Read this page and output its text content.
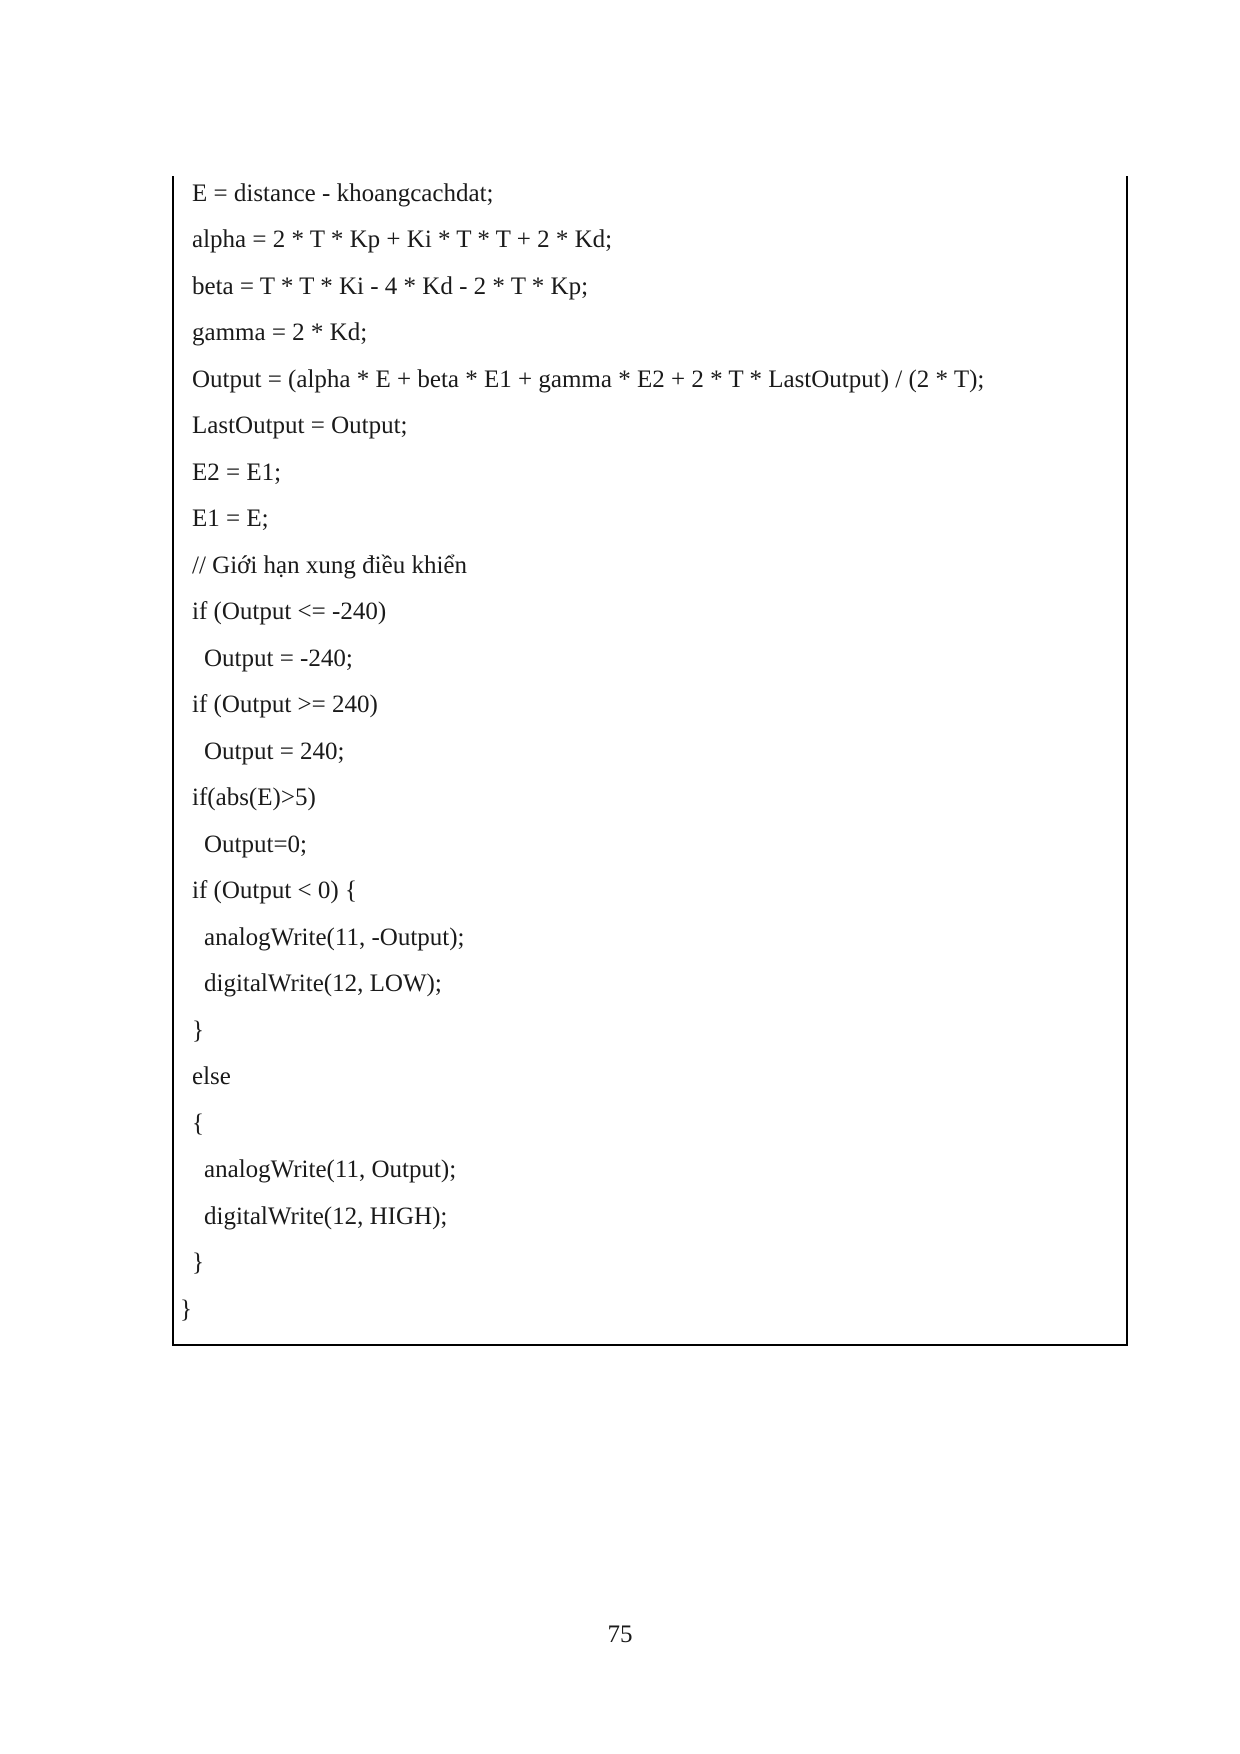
E = distance - khoangcachdat;
alpha = 2 * T * Kp + Ki * T * T + 2 * Kd;
beta = T * T * Ki - 4 * Kd - 2 * T * Kp;
gamma = 2 * Kd;
Output = (alpha * E + beta * E1 + gamma * E2 + 2 * T * LastOutput) / (2 * T);
LastOutput = Output;
E2 = E1;
E1 = E;
// Giới hạn xung điều khiển
if (Output <= -240)
Output = -240;
if (Output >= 240)
Output = 240;
if(abs(E)>5)
Output=0;
if (Output < 0) {
analogWrite(11, -Output);
digitalWrite(12, LOW);
}
else
{
analogWrite(11, Output);
digitalWrite(12, HIGH);
}
}
75
